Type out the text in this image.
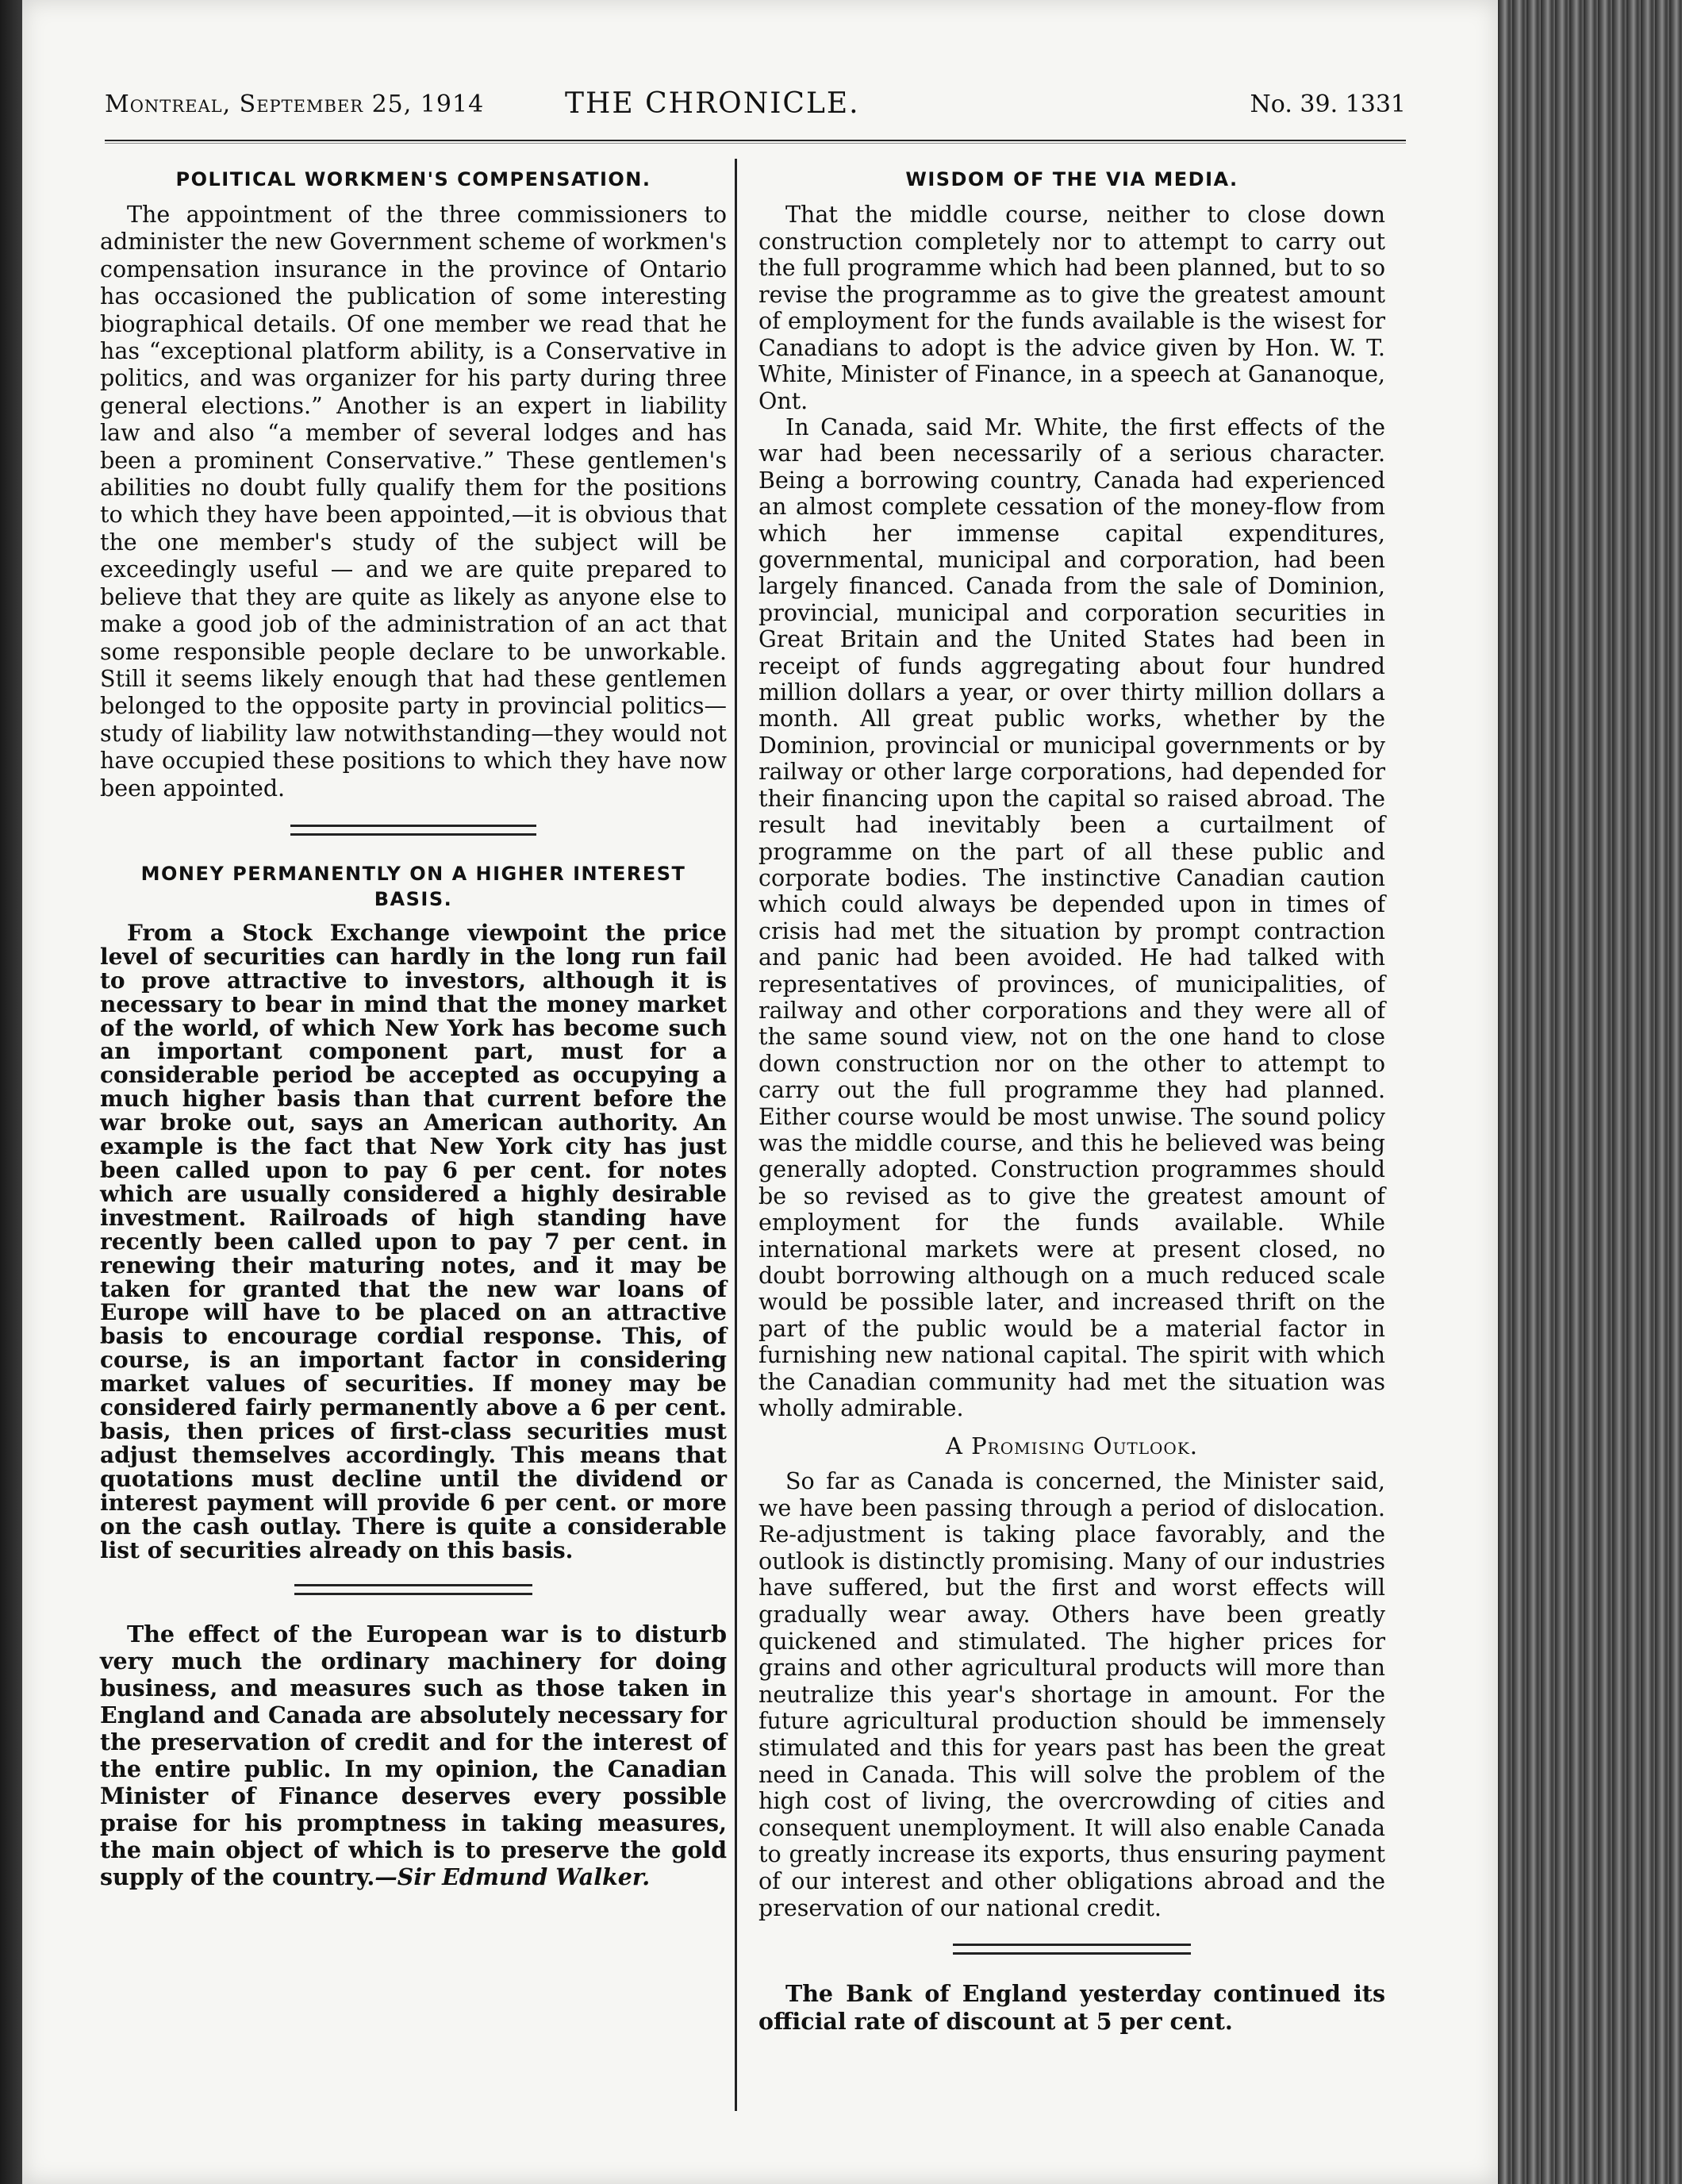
Montreal, September 25, 1914	THE CHRONICLE.	No. 39. 1331
POLITICAL WORKMEN'S COMPENSATION.

The appointment of the three commissioners to administer the new Government scheme of workmen's compensation insurance in the province of Ontario has occasioned the publication of some interesting biographical details. Of one member we read that he has “exceptional platform ability, is a Conservative in politics, and was organizer for his party during three general elections.” Another is an expert in liability law and also “a member of several lodges and has been a prominent Conservative.” These gentlemen's abilities no doubt fully qualify them for the positions to which they have been appointed,—it is obvious that the one member's study of the subject will be exceedingly useful — and we are quite prepared to believe that they are quite as likely as anyone else to make a good job of the administration of an act that some responsible people declare to be unworkable. Still it seems likely enough that had these gentlemen belonged to the opposite party in provincial politics—study of liability law notwithstanding—they would not have occupied these positions to which they have now been appointed.

MONEY PERMANENTLY ON A HIGHER INTEREST BASIS.

From a Stock Exchange viewpoint the price level of securities can hardly in the long run fail to prove attractive to investors, although it is necessary to bear in mind that the money market of the world, of which New York has become such an important component part, must for a considerable period be accepted as occupying a much higher basis than that current before the war broke out, says an American authority. An example is the fact that New York city has just been called upon to pay 6 per cent. for notes which are usually considered a highly desirable investment. Railroads of high standing have recently been called upon to pay 7 per cent. in renewing their maturing notes, and it may be taken for granted that the new war loans of Europe will have to be placed on an attractive basis to encourage cordial response. This, of course, is an important factor in considering market values of securities. If money may be considered fairly permanently above a 6 per cent. basis, then prices of first-class securities must adjust themselves accordingly. This means that quotations must decline until the dividend or interest payment will provide 6 per cent. or more on the cash outlay. There is quite a considerable list of securities already on this basis.

The effect of the European war is to disturb very much the ordinary machinery for doing business, and measures such as those taken in England and Canada are absolutely necessary for the preservation of credit and for the interest of the entire public. In my opinion, the Canadian Minister of Finance deserves every possible praise for his promptness in taking measures, the main object of which is to preserve the gold supply of the country.—Sir Edmund Walker.

WISDOM OF THE VIA MEDIA.

That the middle course, neither to close down construction completely nor to attempt to carry out the full programme which had been planned, but to so revise the programme as to give the greatest amount of employment for the funds available is the wisest for Canadians to adopt is the advice given by Hon. W. T. White, Minister of Finance, in a speech at Gananoque, Ont.

In Canada, said Mr. White, the first effects of the war had been necessarily of a serious character. Being a borrowing country, Canada had experienced an almost complete cessation of the money-flow from which her immense capital expenditures, governmental, municipal and corporation, had been largely financed. Canada from the sale of Dominion, provincial, municipal and corporation securities in Great Britain and the United States had been in receipt of funds aggregating about four hundred million dollars a year, or over thirty million dollars a month. All great public works, whether by the Dominion, provincial or municipal governments or by railway or other large corporations, had depended for their financing upon the capital so raised abroad. The result had inevitably been a curtailment of programme on the part of all these public and corporate bodies. The instinctive Canadian caution which could always be depended upon in times of crisis had met the situation by prompt contraction and panic had been avoided. He had talked with representatives of provinces, of municipalities, of railway and other corporations and they were all of the same sound view, not on the one hand to close down construction nor on the other to attempt to carry out the full programme they had planned. Either course would be most unwise. The sound policy was the middle course, and this he believed was being generally adopted. Construction programmes should be so revised as to give the greatest amount of employment for the funds available. While international markets were at present closed, no doubt borrowing although on a much reduced scale would be possible later, and increased thrift on the part of the public would be a material factor in furnishing new national capital. The spirit with which the Canadian community had met the situation was wholly admirable.

A Promising Outlook.

So far as Canada is concerned, the Minister said, we have been passing through a period of dislocation. Re-adjustment is taking place favorably, and the outlook is distinctly promising. Many of our industries have suffered, but the first and worst effects will gradually wear away. Others have been greatly quickened and stimulated. The higher prices for grains and other agricultural products will more than neutralize this year's shortage in amount. For the future agricultural production should be immensely stimulated and this for years past has been the great need in Canada. This will solve the problem of the high cost of living, the overcrowding of cities and consequent unemployment. It will also enable Canada to greatly increase its exports, thus ensuring payment of our interest and other obligations abroad and the preservation of our national credit.

The Bank of England yesterday continued its official rate of discount at 5 per cent.
